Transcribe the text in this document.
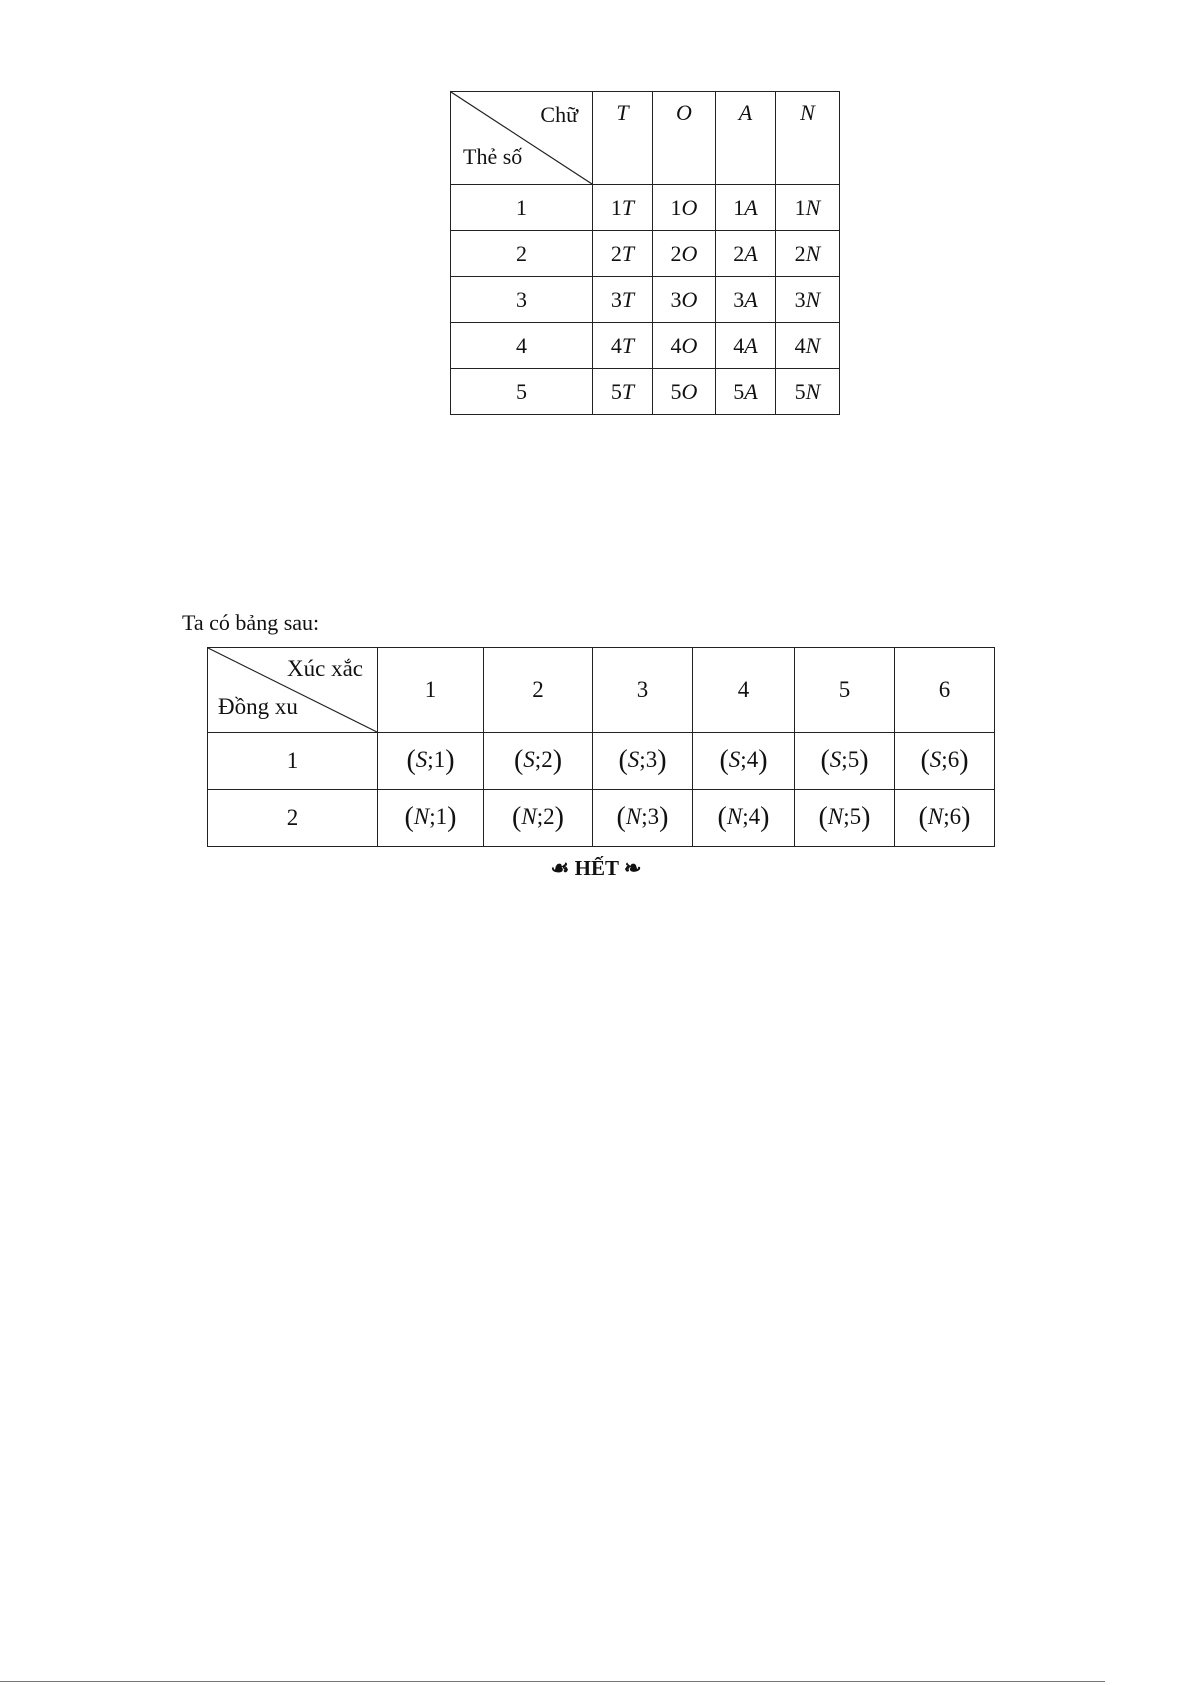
Chữ
Thẻ số	T	O	A	N
1	1T	1O	1A	1N
2	2T	2O	2A	2N
3	3T	3O	3A	3N
4	4T	4O	4A	4N
5	5T	5O	5A	5N
Ta có bảng sau:
Xúc xắc
Đồng xu	1	2	3	4	5	6
1	(S;1)	(S;2)	(S;3)	(S;4)	(S;5)	(S;6)
2	(N;1)	(N;2)	(N;3)	(N;4)	(N;5)	(N;6)
☙ HẾT ❧
